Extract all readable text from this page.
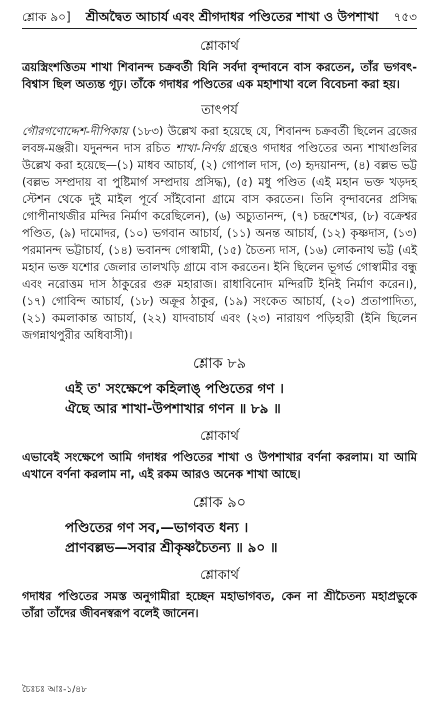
শ্লোক ৯০] শ্রীঅদ্বৈত আচার্য এবং শ্রীগদাধর পণ্ডিতের শাখা ও উপশাখা ৭৫৩
শ্লোকার্থ

ত্রয়স্ত্রিংশত্তিতম শাখা শিবানন্দ চক্রবর্তী যিনি সর্বদা বৃন্দাবনে বাস করতেন, তাঁর ভগবৎ-বিশ্বাস ছিল অত্যন্ত গূঢ়। তাঁকে গদাধর পণ্ডিতের এক মহাশাখা বলে বিবেচনা করা হয়।

তাৎপর্য

গৌরগণোদ্দেশ-দীপিকায় (১৮৩) উল্লেখ করা হয়েছে যে, শিবানন্দ চক্রবর্তী ছিলেন ব্রজের লবঙ্গ-মঞ্জরী। যদুনন্দন দাস রচিত শাখা-নির্ণয় গ্রন্থেও গদাধর পণ্ডিতের অন্য শাখাগুলির উল্লেখ করা হয়েছে—(১) মাধব আচার্য, (২) গোপাল দাস, (৩) হৃদয়ানন্দ, (৪) বল্লভ ভট্ট (বল্লভ সম্প্রদায় বা পুষ্টিমার্গ সম্প্রদায় প্রসিদ্ধ), (৫) মধু পণ্ডিত (এই মহান ভক্ত খড়দহ স্টেশন থেকে দুই মাইল পূর্বে সাঁইবোনা গ্রামে বাস করতেন। তিনি বৃন্দাবনের প্রসিদ্ধ গোপীনাথজীর মন্দির নির্মাণ করেছিলেন), (৬) অচ্যুতানন্দ, (৭) চন্দ্রশেখর, (৮) বক্রেশ্বর পণ্ডিত, (৯) দামোদর, (১০) ভগবান আচার্য, (১১) অনন্ত আচার্য, (১২) কৃষ্ণদাস, (১৩) পরমানন্দ ভট্টাচার্য, (১৪) ভবানন্দ গোস্বামী, (১৫) চৈতন্য দাস, (১৬) লোকনাথ ভট্ট (এই মহান ভক্ত যশোর জেলার তালখড়ি গ্রামে বাস করতেন। ইনি ছিলেন ভূগর্ভ গোস্বামীর বন্ধু এবং নরোত্তম দাস ঠাকুরের গুরু মহারাজ। রাধাবিনোদ মন্দিরটি ইনিই নির্মাণ করেন।), (১৭) গোবিন্দ আচার্য, (১৮) অক্রূর ঠাকুর, (১৯) সংকেত আচার্য, (২০) প্রতাপাদিত্য, (২১) কমলাকান্ত আচার্য, (২২) যাদবাচার্য এবং (২৩) নারায়ণ পড়িহারী (ইনি ছিলেন জগন্নাথপুরীর অধিবাসী)।

শ্লোক ৮৯
এই ত' সংক্ষেপে কহিলাঙ্ পণ্ডিতের গণ ।
ঐছে আর শাখা-উপশাখার গণন ॥ ৮৯ ॥
শ্লোকার্থ

এভাবেই সংক্ষেপে আমি গদাধর পণ্ডিতের শাখা ও উপশাখার বর্ণনা করলাম। যা আমি এখানে বর্ণনা করলাম না, এই রকম আরও অনেক শাখা আছে।

শ্লোক ৯০
পণ্ডিতের গণ সব,—ভাগবত ধন্য ।
প্রাণবল্লভ—সবার শ্রীকৃষ্ণচৈতন্য ॥ ৯০ ॥
শ্লোকার্থ

গদাধর পণ্ডিতের সমস্ত অনুগামীরা হচ্ছেন মহাভাগবত, কেন না শ্রীচৈতন্য মহাপ্রভুকে তাঁরা তাঁদের জীবনস্বরূপ বলেই জানেন।

চৈঃচঃ আঃ-১/৪৮
